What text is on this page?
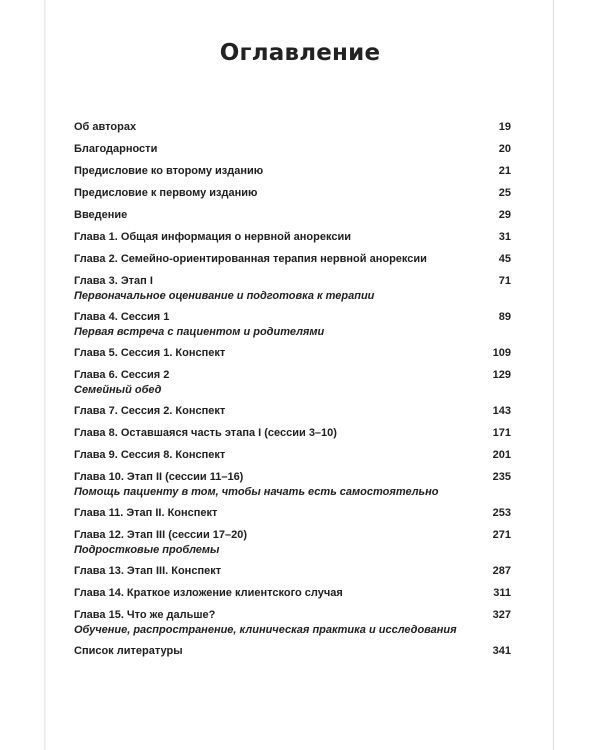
Оглавление
Об авторах	19
Благодарности	20
Предисловие ко второму изданию	21
Предисловие к первому изданию	25
Введение	29
Глава 1. Общая информация о нервной анорексии	31
Глава 2. Семейно-ориентированная терапия нервной анорексии	45
Глава 3. Этап I	71
Первоначальное оценивание и подготовка к терапии
Глава 4. Сессия 1	89
Первая встреча с пациентом и родителями
Глава 5. Сессия 1. Конспект	109
Глава 6. Сессия 2	129
Семейный обед
Глава 7. Сессия 2. Конспект	143
Глава 8. Оставшаяся часть этапа I (сессии 3–10)	171
Глава 9. Сессия 8. Конспект	201
Глава 10. Этап II (сессии 11–16)	235
Помощь пациенту в том, чтобы начать есть самостоятельно
Глава 11. Этап II. Конспект	253
Глава 12. Этап III (сессии 17–20)	271
Подростковые проблемы
Глава 13. Этап III. Конспект	287
Глава 14. Краткое изложение клиентского случая	311
Глава 15. Что же дальше?	327
Обучение, распространение, клиническая практика и исследования
Список литературы	341
